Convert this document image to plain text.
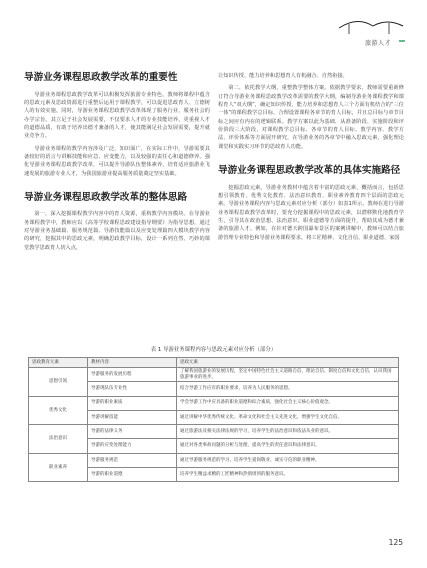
旅游人才
导游业务课程思政教学改革的重要性

导游业务课程思政教学改革可以积极发挥旅游专业特色，教师将课程中蕴含的思政元素及思政资源进行重整后运用于课程教学，可以促进思政育人、立德树人的有效实施。同时，导游业务课程思政教学改革体现了服务行业、服务社会的办学宗旨，其立足于社会发展需要，不仅要求人才的专业技能培养，更重视人才的道德品质，有助于培养出德才兼备的人才，使其能满足社会发展需要，提升就业竞争力。

导游业务课程的教学内容涉及广泛，知识面广，在实际工作中，导游需要具备较好的语言与讲解技能和应急、应变能力，以及较强的责任心和道德修养。强化导游业务课程思政教学改革，可以提升导游队伍整体素养，培育适应旅游业飞速发展的旅游专业人才，为我国旅游业提高服务质量奠定坚实基础。

导游业务课程思政教学改革的整体思路

第一，深入挖掘课程教学内容中的育人资源，重构教学内容模块。在导游业务课程教学中，教师应以《高等学校课程思政建设指导纲要》为指导思想，通过对导游业务基础篇、服务规范篇、导游技能篇以及应变处理篇四大模块教学内容的研究，挖掘其中的思政元素，明确思政教学目标，设计一系列自然、巧妙的课堂教学思政育人切入点，

让知识传授、能力培养和思想育人有机融合、自然衔接。

第二，依托教学大纲，重整教学整体方案。依据教学要求，教师需要重新修订符合导游业务课程思政教学改革需要的教学大纲，编制导游业务课程教学和课程育人“双大纲”，确定知识传授、能力培养和思想育人三个方面有机结合的“三位一体”的课程教学总目标，合理设置课程各章节的育人目标，并且总目标与章节目标之间应有内在的逻辑联系。教学方案以此为基础，从准备阶段、实施阶段和评价阶段三大阶段，对课程教学总目标、各章节的育人目标、教学内容、教学方法、评价体系等方面展开研究，在导游业务的各章节中融入思政元素，强化理论课堂和实践实习环节的思政育人功能。

导游业务课程思政教学改革的具体实施路径

挖掘思政元素。导游业务教材中蕴含着丰富的思政元素，概括而言，包括思想引领教育、优秀文化教育、法治意识教育、职业素养教育四个层面的思政元素。导游业务课程内容与思政元素对应分析（部分）如表1所示。教师在进行导游业务课程思政教学改革时，要充分挖掘课程中的思政元素，以潜移默化地教育学生，引导其在政治思想、法治意识、职业道德等方面的提升，帮助其成为德才兼备的旅游人才。例如，在针对德天跨国瀑布景区的案例讲解中，教师可以结合旅游管理专业特色和导游业务课程要求，将工匠精神、文化自信、职业道德、家国

表 1 导游业务课程内容与思政元素对应分析（部分）
思政教育元素	教材内容	思政元素
思想引领	导游服务的发展历程	了解我国旅游业的发展历程，坚定中国特色社会主义道路自信、理论自信、制度自信和文化自信，认识我国旅游事业的进步。
	导游现队伍专业性	结合导游工作应有的职业要求，培养为人民服务的思想。
优秀文化	导游的职业素质	学会导游工作中应具备的职业道德和综合素质，强化社会主义核心价值观念。
	导游讲解技能	通过讲解中华优秀传统文化、革命文化和社会主义先进文化，增强学生文化自信。
法治意识	导游的法律义务	通过旅游法及相关法律法规的学习，培养学生的法治意识和依法从业的意识。
	导游的应变处理能力	通过对各类事故问题的分析与处理，提高学生的责任意识和法律意识。
职业素养	导游服务规范	通过导游服务规范的学习，培养学生爱岗敬业、诚实守信的职业精神。
	导游的职业道德	培养学生精益求精的工匠精神和热情周到的服务意识。
125
